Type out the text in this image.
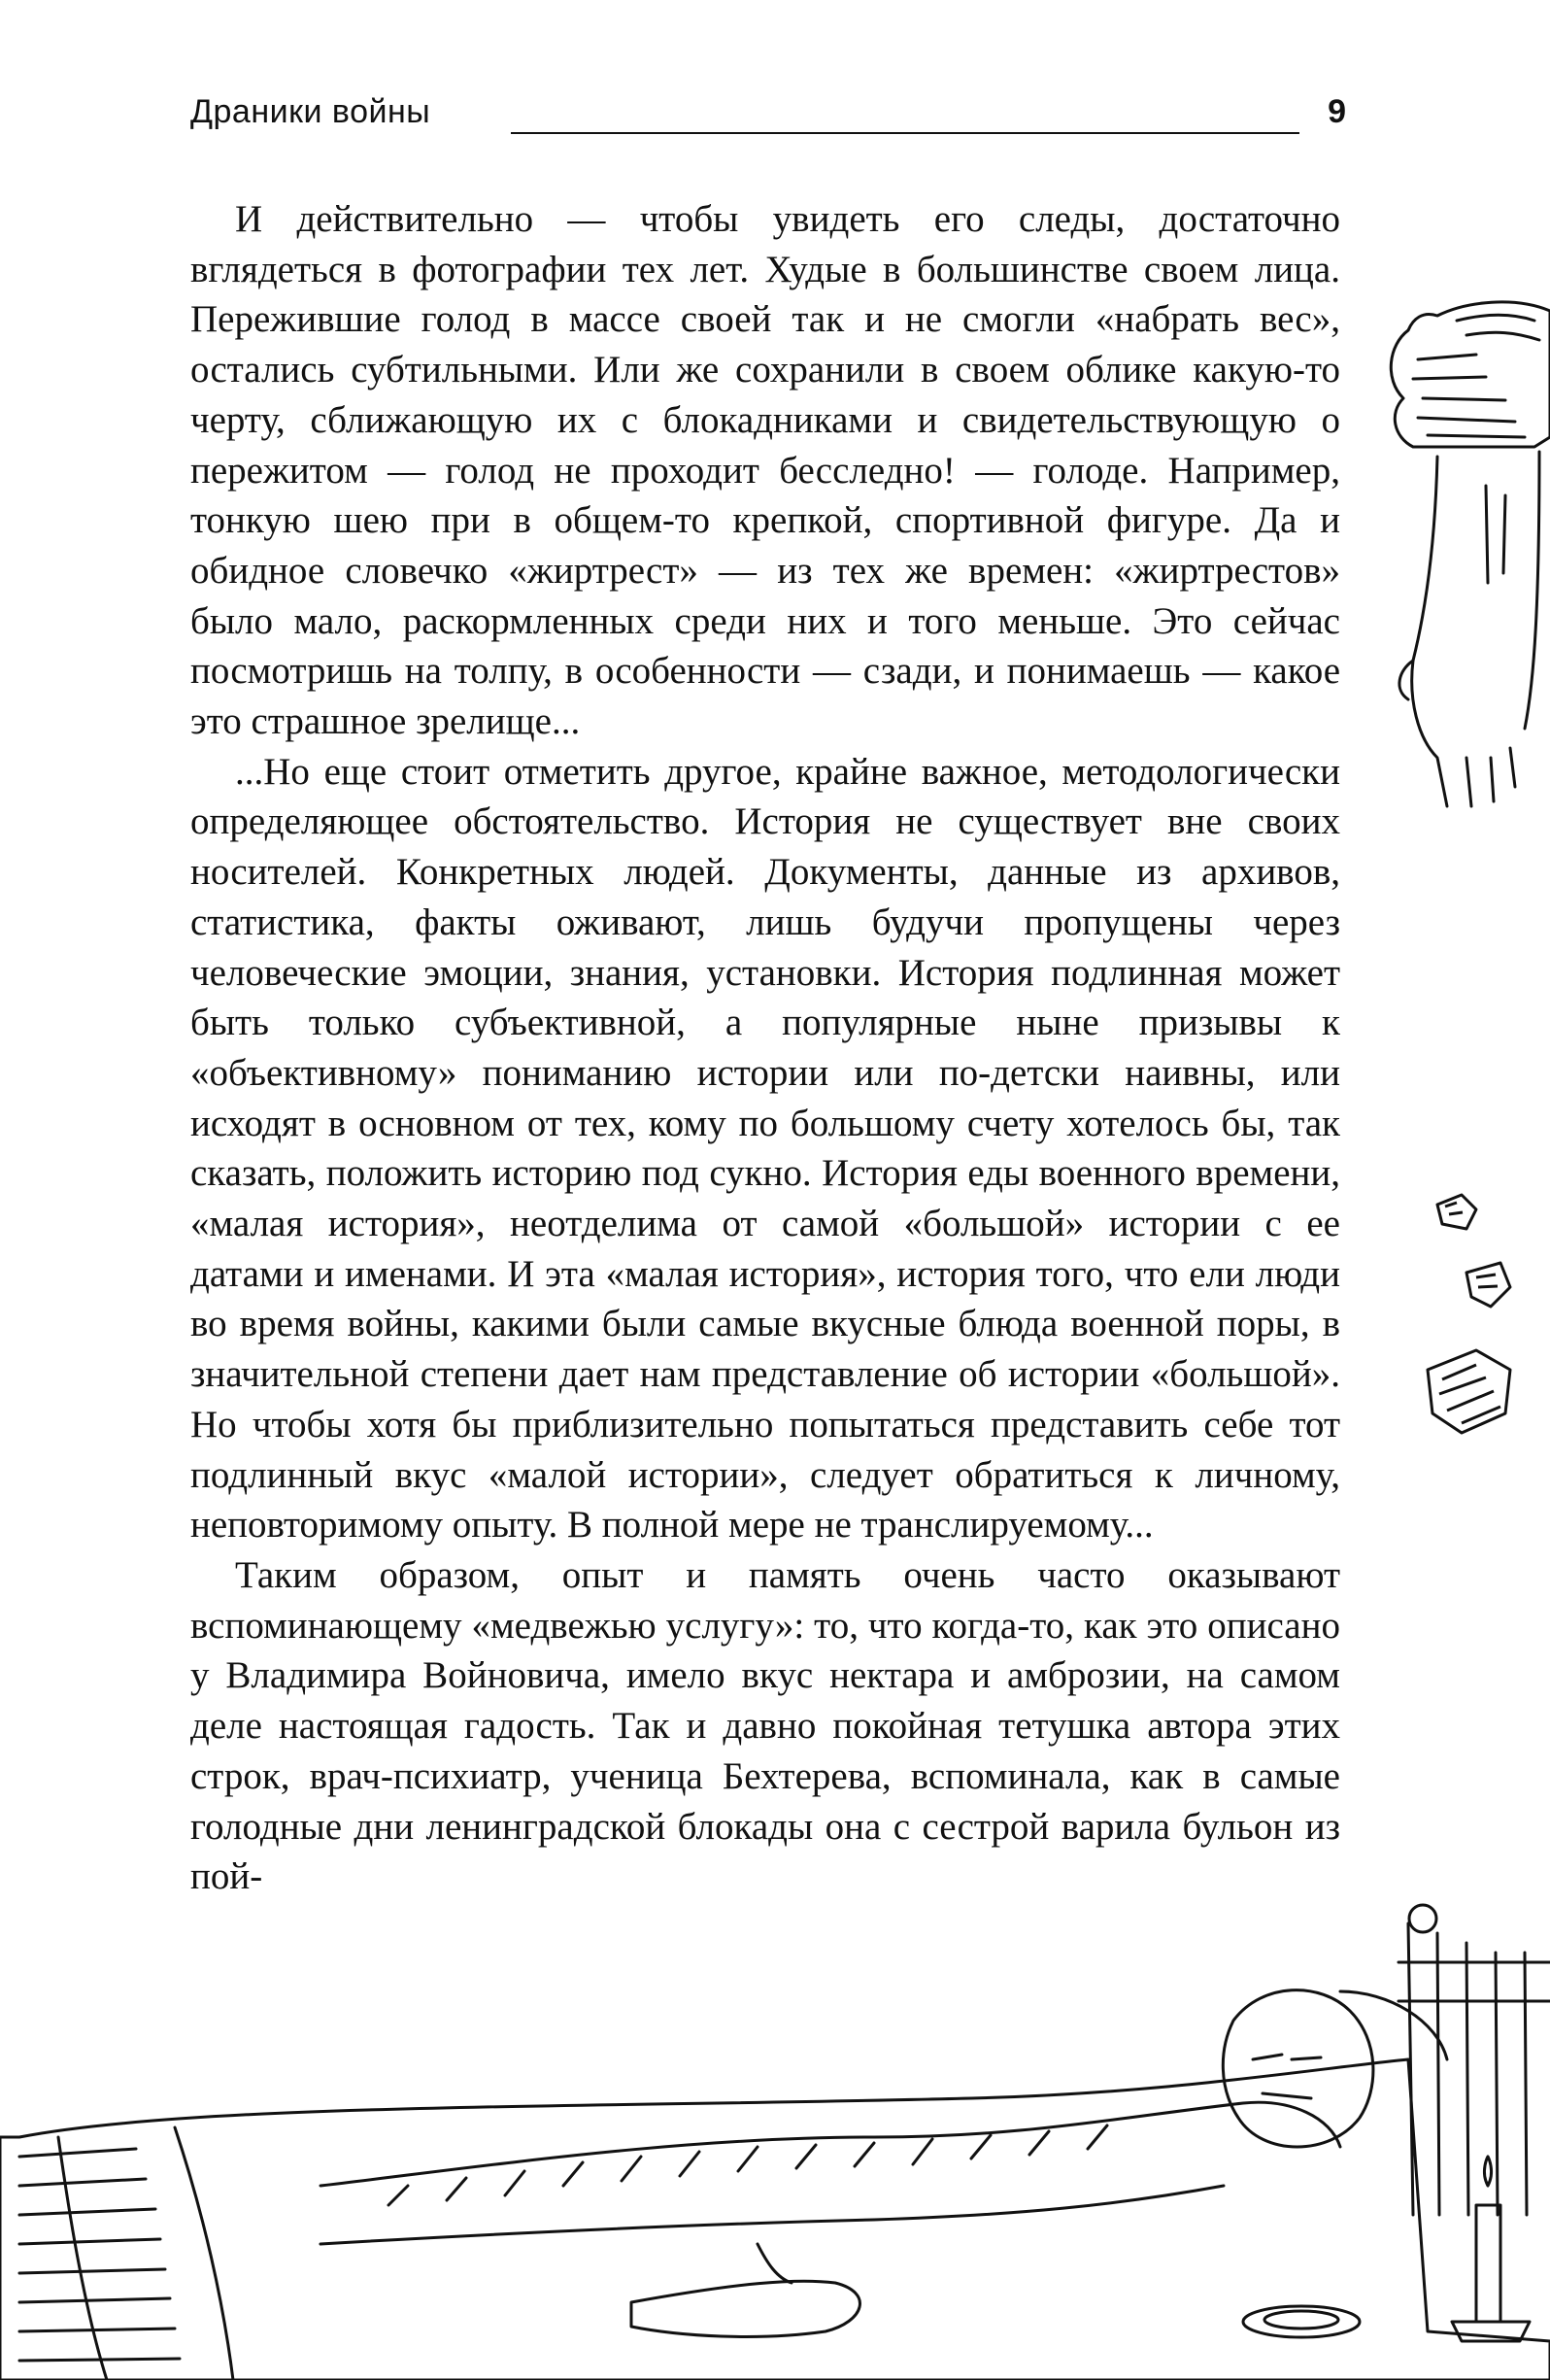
Драники войны	9

И действительно — чтобы увидеть его следы, достаточно вглядеться в фотографии тех лет. Худые в большинстве своем лица. Пережившие голод в массе своей так и не смогли «набрать вес», остались субтильными. Или же сохранили в своем облике какую-то черту, сближающую их с блокадниками и свидетельствующую о пережитом — голод не проходит бесследно! — голоде. Например, тонкую шею при в общем-то крепкой, спортивной фигуре. Да и обидное словечко «жиртрест» — из тех же времен: «жиртрестов» было мало, раскормленных среди них и того меньше. Это сейчас посмотришь на толпу, в особенности — сзади, и понимаешь — какое это страшное зрелище...

...Но еще стоит отметить другое, крайне важное, методологически определяющее обстоятельство. История не существует вне своих носителей. Конкретных людей. Документы, данные из архивов, статистика, факты оживают, лишь будучи пропущены через человеческие эмоции, знания, установки. История подлинная может быть только субъективной, а популярные ныне призывы к «объективному» пониманию истории или по-детски наивны, или исходят в основном от тех, кому по большому счету хотелось бы, так сказать, положить историю под сукно. История еды военного времени, «малая история», неотделима от самой «большой» истории с ее датами и именами. И эта «малая история», история того, что ели люди во время войны, какими были самые вкусные блюда военной поры, в значительной степени дает нам представление об истории «большой». Но чтобы хотя бы приблизительно попытаться представить себе тот подлинный вкус «малой истории», следует обратиться к личному, неповторимому опыту. В полной мере не транслируемому...

Таким образом, опыт и память очень часто оказывают вспоминающему «медвежью услугу»: то, что когда-то, как это описано у Владимира Войновича, имело вкус нектара и амброзии, на самом деле настоящая гадость. Так и давно покойная тетушка автора этих строк, врач-психиатр, ученица Бехтерева, вспоминала, как в самые голодные дни ленинградской блокады она с сестрой варила бульон из пой-
